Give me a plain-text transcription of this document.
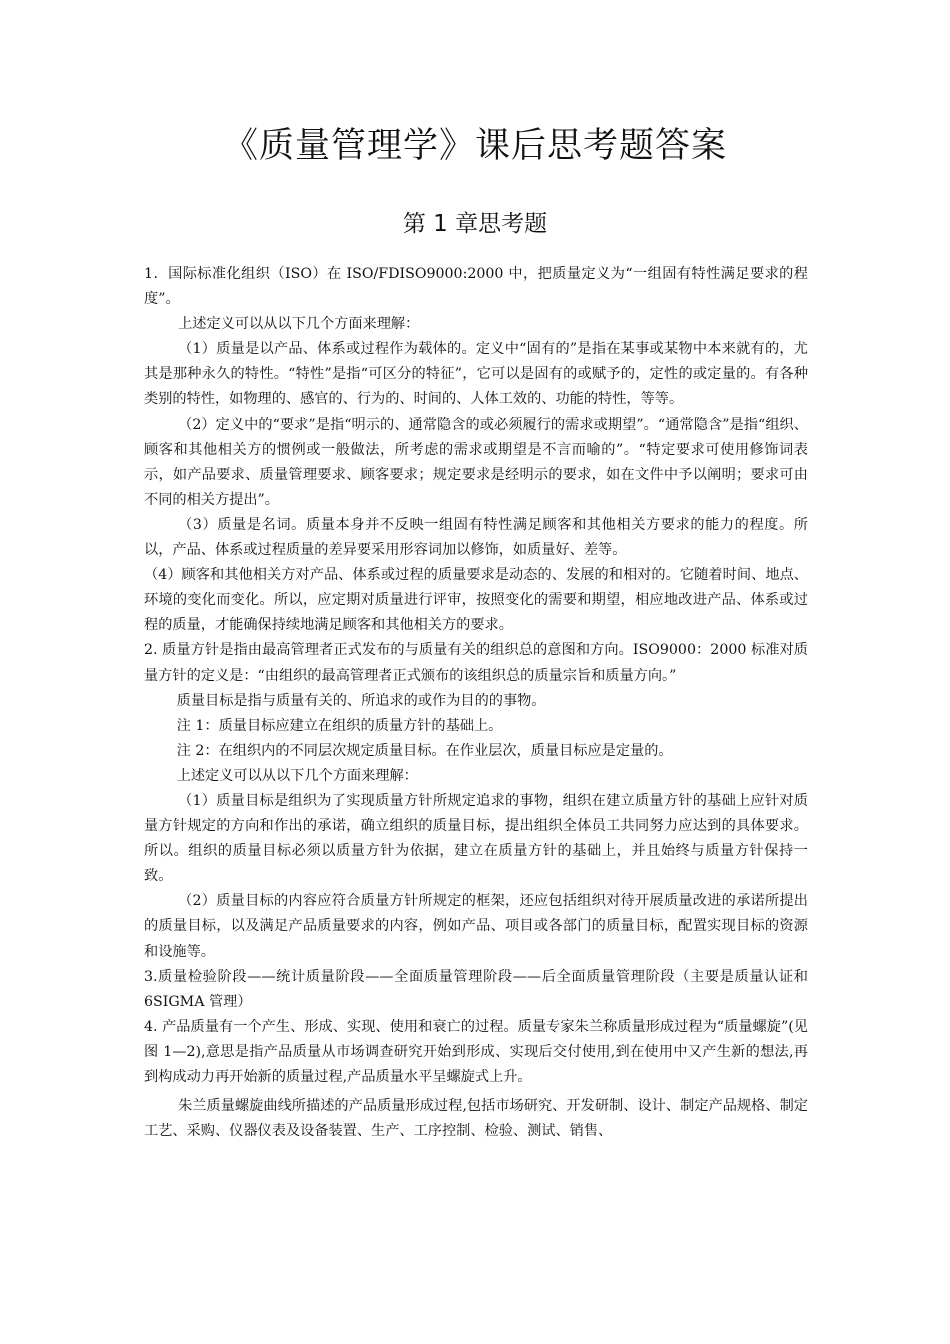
《质量管理学》课后思考题答案
第 1 章思考题

1．国际标准化组织（ISO）在 ISO/FDISO9000:2000 中，把质量定义为“一组固有特性满足要求的程度”。

上述定义可以从以下几个方面来理解：

（1）质量是以产品、体系或过程作为载体的。定义中“固有的”是指在某事或某物中本来就有的，尤其是那种永久的特性。“特性”是指“可区分的特征”，它可以是固有的或赋予的，定性的或定量的。有各种类别的特性，如物理的、感官的、行为的、时间的、人体工效的、功能的特性，等等。

（2）定义中的“要求”是指“明示的、通常隐含的或必须履行的需求或期望”。“通常隐含”是指“组织、顾客和其他相关方的惯例或一般做法，所考虑的需求或期望是不言而喻的”。“特定要求可使用修饰词表示，如产品要求、质量管理要求、顾客要求；规定要求是经明示的要求，如在文件中予以阐明；要求可由不同的相关方提出”。

（3）质量是名词。质量本身并不反映一组固有特性满足顾客和其他相关方要求的能力的程度。所以，产品、体系或过程质量的差异要采用形容词加以修饰，如质量好、差等。

（4）顾客和其他相关方对产品、体系或过程的质量要求是动态的、发展的和相对的。它随着时间、地点、环境的变化而变化。所以，应定期对质量进行评审，按照变化的需要和期望，相应地改进产品、体系或过程的质量，才能确保持续地满足顾客和其他相关方的要求。

2. 质量方针是指由最高管理者正式发布的与质量有关的组织总的意图和方向。ISO9000：2000 标准对质量方针的定义是：“由组织的最高管理者正式颁布的该组织总的质量宗旨和质量方向。”

质量目标是指与质量有关的、所追求的或作为目的的事物。

注 1：质量目标应建立在组织的质量方针的基础上。

注 2：在组织内的不同层次规定质量目标。在作业层次，质量目标应是定量的。

上述定义可以从以下几个方面来理解：

（1）质量目标是组织为了实现质量方针所规定追求的事物，组织在建立质量方针的基础上应针对质量方针规定的方向和作出的承诺，确立组织的质量目标，提出组织全体员工共同努力应达到的具体要求。所以。组织的质量目标必须以质量方针为依据，建立在质量方针的基础上，并且始终与质量方针保持一致。

（2）质量目标的内容应符合质量方针所规定的框架，还应包括组织对待开展质量改进的承诺所提出的质量目标，以及满足产品质量要求的内容，例如产品、项目或各部门的质量目标，配置实现目标的资源和设施等。

3.质量检验阶段——统计质量阶段——全面质量管理阶段——后全面质量管理阶段（主要是质量认证和 6SIGMA 管理）

4. 产品质量有一个产生、形成、实现、使用和衰亡的过程。质量专家朱兰称质量形成过程为“质量螺旋”(见图 1—2),意思是指产品质量从市场调查研究开始到形成、实现后交付使用,到在使用中又产生新的想法,再到构成动力再开始新的质量过程,产品质量水平呈螺旋式上升。

朱兰质量螺旋曲线所描述的产品质量形成过程,包括市场研究、开发研制、设计、制定产品规格、制定工艺、采购、仪器仪表及设备装置、生产、工序控制、检验、测试、销售、
